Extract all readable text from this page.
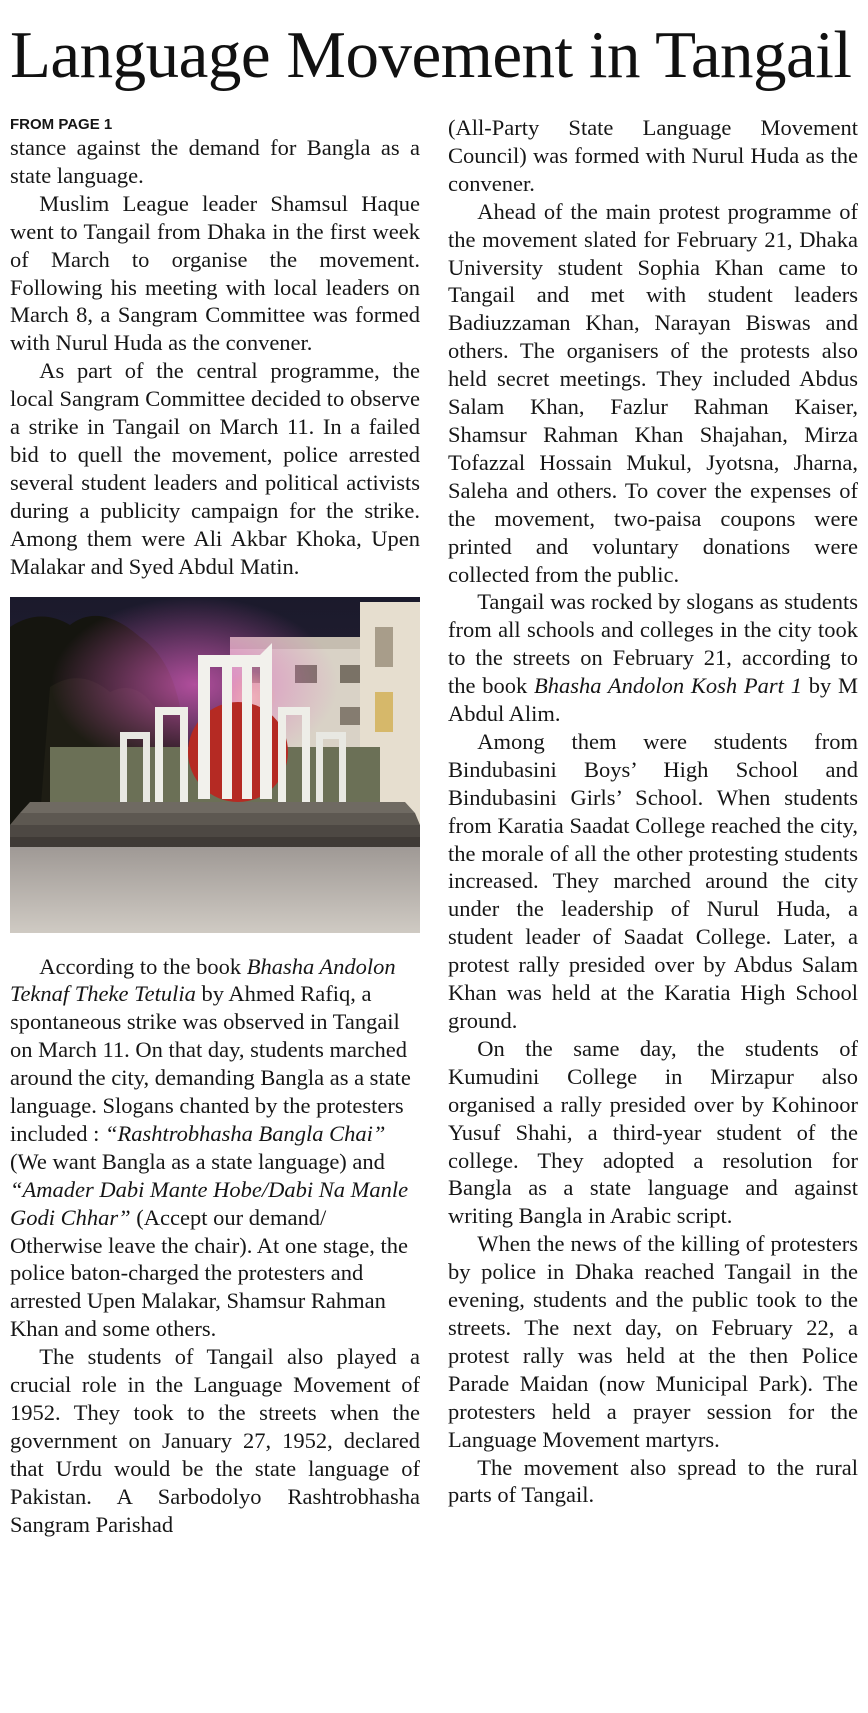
Language Movement in Tangail
FROM PAGE 1

stance against the demand for Bangla as a state language.

Muslim League leader Shamsul Haque went to Tangail from Dhaka in the first week of March to organise the movement. Following his meeting with local leaders on March 8, a Sangram Committee was formed with Nurul Huda as the convener.

As part of the central programme, the local Sangram Committee decided to observe a strike in Tangail on March 11. In a failed bid to quell the movement, police arrested several student leaders and political activists during a publicity campaign for the strike. Among them were Ali Akbar Khoka, Upen Malakar and Syed Abdul Matin.

According to the book Bhasha Andolon Teknaf Theke Tetulia by Ahmed Rafiq, a spontaneous strike was observed in Tangail on March 11. On that day, students marched around the city, demanding Bangla as a state language. Slogans chanted by the protesters included : “Rashtrobhasha Bangla Chai” (We want Bangla as a state language) and “Amader Dabi Mante Hobe/Dabi Na Manle Godi Chhar” (Accept our demand/ Otherwise leave the chair). At one stage, the police baton-charged the protesters and arrested Upen Malakar, Shamsur Rahman Khan and some others.

The students of Tangail also played a crucial role in the Language Movement of 1952. They took to the streets when the government on January 27, 1952, declared that Urdu would be the state language of Pakistan. A Sarbodolyo Rashtrobhasha Sangram Parishad

(All-Party State Language Movement Council) was formed with Nurul Huda as the convener.

Ahead of the main protest programme of the movement slated for February 21, Dhaka University student Sophia Khan came to Tangail and met with student leaders Badiuzzaman Khan, Narayan Biswas and others. The organisers of the protests also held secret meetings. They included Abdus Salam Khan, Fazlur Rahman Kaiser, Shamsur Rahman Khan Shajahan, Mirza Tofazzal Hossain Mukul, Jyotsna, Jharna, Saleha and others. To cover the expenses of the movement, two-paisa coupons were printed and voluntary donations were collected from the public.

Tangail was rocked by slogans as students from all schools and colleges in the city took to the streets on February 21, according to the book Bhasha Andolon Kosh Part 1 by M Abdul Alim.

Among them were students from Bindubasini Boys’ High School and Bindubasini Girls’ School. When students from Karatia Saadat College reached the city, the morale of all the other protesting students increased. They marched around the city under the leadership of Nurul Huda, a student leader of Saadat College. Later, a protest rally presided over by Abdus Salam Khan was held at the Karatia High School ground.

On the same day, the students of Kumudini College in Mirzapur also organised a rally presided over by Kohinoor Yusuf Shahi, a third-year student of the college. They adopted a resolution for Bangla as a state language and against writing Bangla in Arabic script.

When the news of the killing of protesters by police in Dhaka reached Tangail in the evening, students and the public took to the streets. The next day, on February 22, a protest rally was held at the then Police Parade Maidan (now Municipal Park). The protesters held a prayer session for the Language Movement martyrs.

The movement also spread to the rural parts of Tangail.
